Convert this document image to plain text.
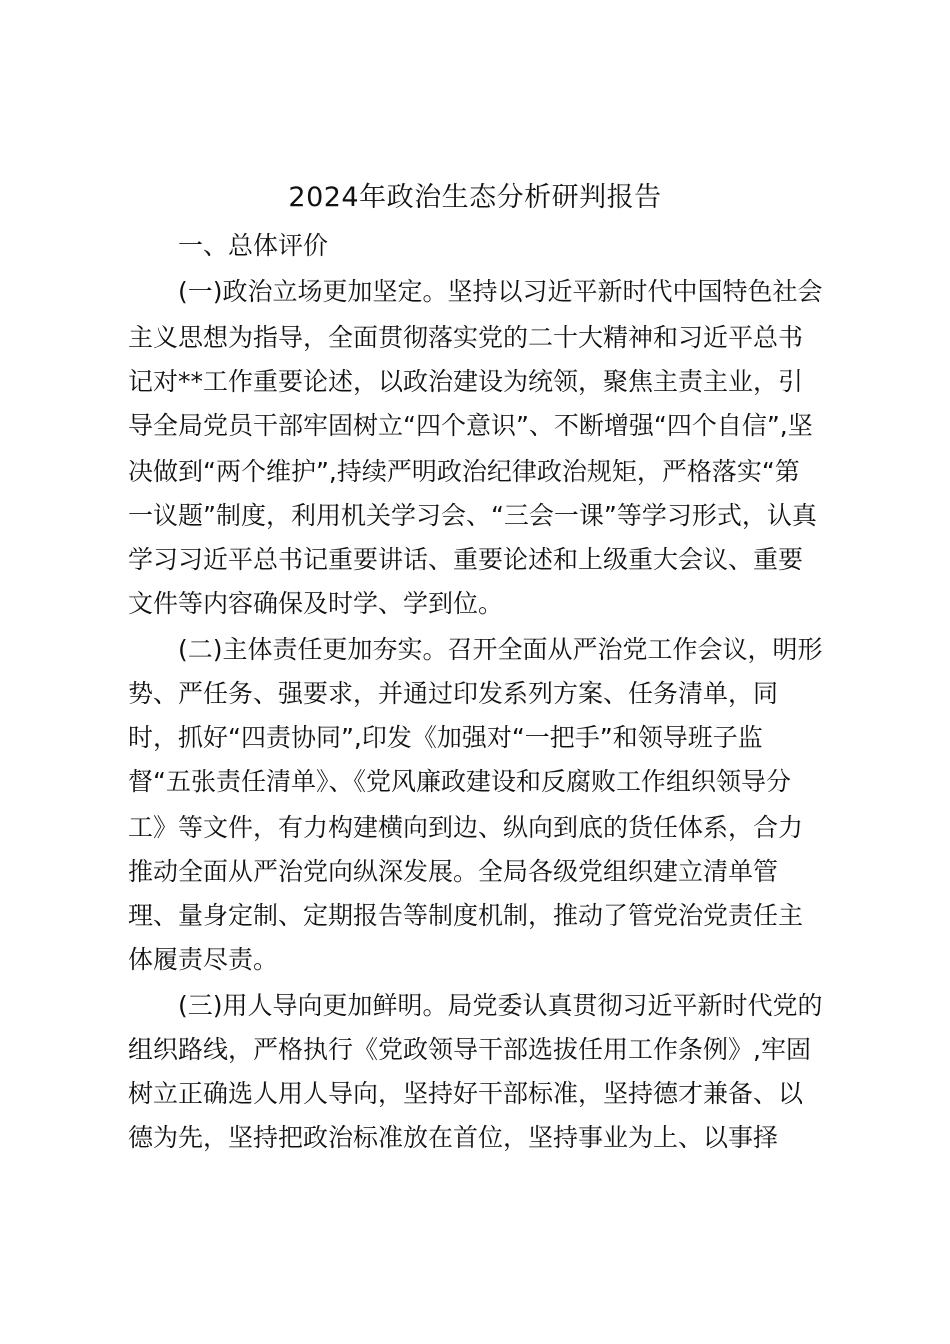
2024年政治生态分析研判报告
一、总体评价
(一)政治立场更加坚定。坚持以习近平新时代中国特色社会
主义思想为指导，全面贯彻落实党的二十大精神和习近平总书
记对**工作重要论述，以政治建设为统领，聚焦主责主业，引
导全局党员干部牢固树立“四个意识”、不断增强“四个自信”,坚
决做到“两个维护”,持续严明政治纪律政治规矩，严格落实“第
一议题”制度，利用机关学习会、“三会一课”等学习形式，认真
学习习近平总书记重要讲话、重要论述和上级重大会议、重要
文件等内容确保及时学、学到位。
(二)主体责任更加夯实。召开全面从严治党工作会议，明形
势、严任务、强要求，并通过印发系列方案、任务清单，同
时，抓好“四责协同”,印发《加强对“一把手”和领导班子监
督“五张责任清单》、《党风廉政建设和反腐败工作组织领导分
工》等文件，有力构建横向到边、纵向到底的货任体系，合力
推动全面从严治党向纵深发展。全局各级党组织建立清单管
理、量身定制、定期报告等制度机制，推动了管党治党责任主
体履责尽责。
(三)用人导向更加鲜明。局党委认真贯彻习近平新时代党的
组织路线，严格执行《党政领导干部选拔任用工作条例》,牢固
树立正确选人用人导向，坚持好干部标准，坚持德才兼备、以
德为先，坚持把政治标准放在首位，坚持事业为上、以事择
